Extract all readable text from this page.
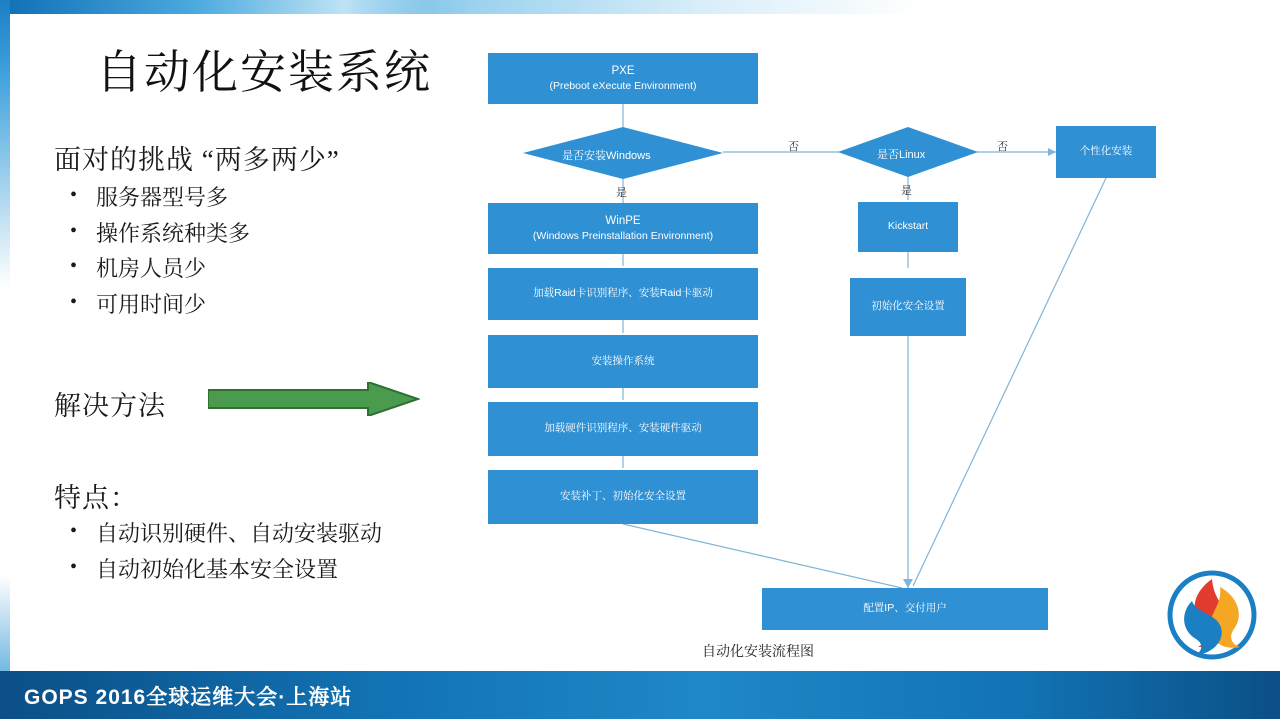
自动化安装系统
面对的挑战 “两多两少”
• 服务器型号多
• 操作系统种类多
• 机房人员少
• 可用时间少
解决方法
特点：
• 自动识别硬件、自动安装驱动
• 自动初始化基本安全设置
PXE
(Preboot eXecute Environment)
是否安装Windows	是否Linux
是
否
是
否	个性化安装
WinPE
(Windows Preinstallation Environment)
加载Raid卡识别程序、安装Raid卡驱动
安装操作系统
加载硬件识别程序、安装硬件驱动
安装补丁、初始化安全设置
Kickstart
初始化安全设置
配置IP、交付用户
自动化安装流程图
GOPS 2016全球运维大会·上海站
